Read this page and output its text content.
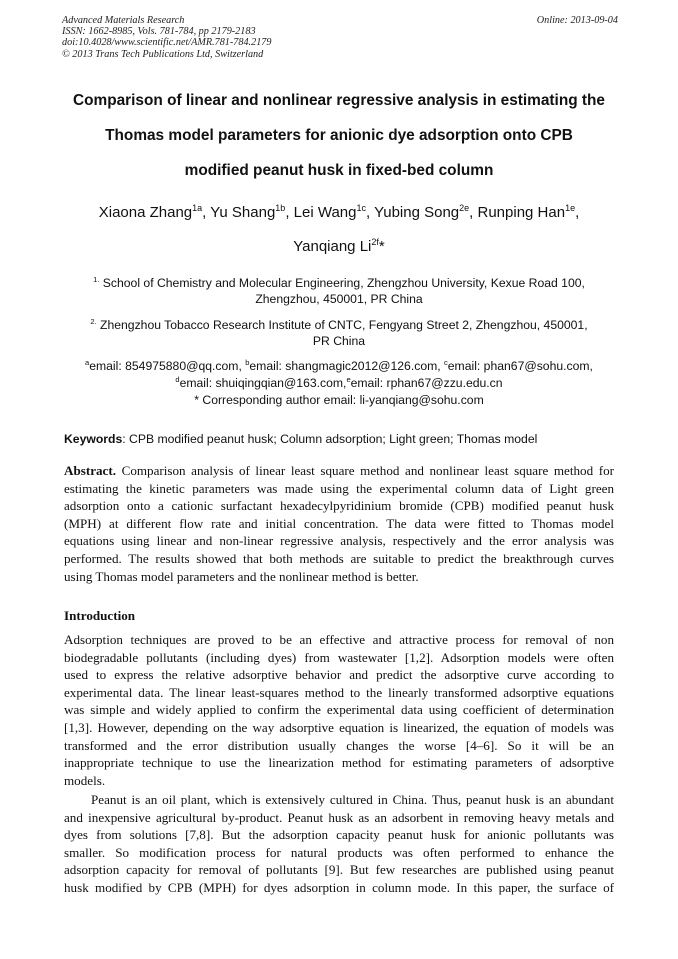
Advanced Materials Research
ISSN: 1662-8985, Vols. 781-784, pp 2179-2183
doi:10.4028/www.scientific.net/AMR.781-784.2179
© 2013 Trans Tech Publications Ltd, Switzerland
Online: 2013-09-04
Comparison of linear and nonlinear regressive analysis in estimating the
Thomas model parameters for anionic dye adsorption onto CPB
modified peanut husk in fixed-bed column
Xiaona Zhang$^{1a}$, Yu Shang$^{1b}$, Lei Wang$^{1c}$, Yubing Song$^{2e}$, Runping Han$^{1e}$,
Yanqiang $Li^{2f}*$
$^{1.}$ School of Chemistry and Molecular Engineering, Zhengzhou University, Kexue Road 100,
Zhengzhou, 450001, PR China
$^{2.}$ Zhengzhou Tobacco Research Institute of CNTC, Fengyang Street 2, Zhengzhou, 450001,
PR China
$^a$email: 854975880@qq.com, $^b$email: shangmagic2012@126.com, $^c$email: phan67@sohu.com,
$^d$email: shuiqingqian@163.com,$^e$email: rphan67@zzu.edu.cn
* Corresponding author email: li-yanqiang@sohu.com
Keywords: CPB modified peanut husk; Column adsorption; Light green; Thomas model
Abstract. Comparison analysis of linear least square method and nonlinear least square method for
estimating the kinetic parameters was made using the experimental column data of Light green
adsorption onto a cationic surfactant hexadecylpyridinium bromide (CPB) modified peanut husk
(MPH) at different flow rate and initial concentration. The data were fitted to Thomas model
equations using linear and non-linear regressive analysis, respectively and the error analysis was
performed. The results showed that both methods are suitable to predict the breakthrough curves
using Thomas model parameters and the nonlinear method is better.
Introduction
Adsorption techniques are proved to be an effective and attractive process for removal of non
biodegradable pollutants (including dyes) from wastewater [1,2]. Adsorption models were often
used to express the relative adsorptive behavior and predict the adsorptive curve according to
experimental data. The linear least-squares method to the linearly transformed adsorptive equations
was simple and widely applied to confirm the experimental data using coefficient of determination
[1,3]. However, depending on the way adsorptive equation is linearized, the equation of models was
transformed and the error distribution usually changes the worse [4–6]. So it will be an
inappropriate technique to use the linearization method for estimating parameters of adsorptive
models.
Peanut is an oil plant, which is extensively cultured in China. Thus, peanut husk is an abundant
and inexpensive agricultural by-product. Peanut husk as an adsorbent in removing heavy metals and
dyes from solutions [7,8]. But the adsorption capacity peanut husk for anionic pollutants was
smaller. So modification process for natural products was often performed to enhance the
adsorption capacity for removal of pollutants [9]. But few researches are published using peanut
husk modified by CPB (MPH) for dyes adsorption in column mode. In this paper, the surface of
